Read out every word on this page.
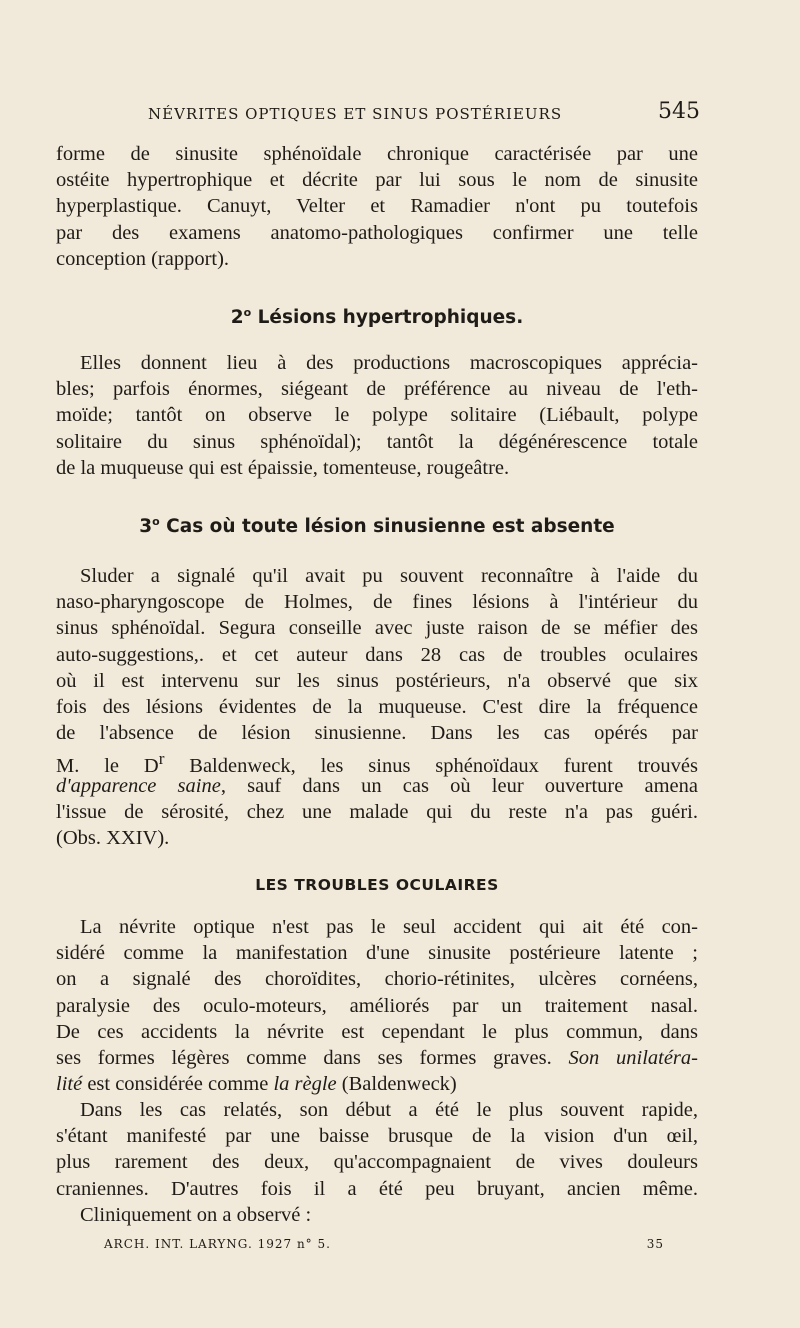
NÉVRITES OPTIQUES ET SINUS POSTÉRIEURS	545
forme de sinusite sphénoïdale chronique caractérisée par une
ostéite hypertrophique et décrite par lui sous le nom de sinusite
hyperplastique. Canuyt, Velter et Ramadier n'ont pu toutefois
par des examens anatomo-pathologiques confirmer une telle
conception (rapport).
2$^o$ Lésions hypertrophiques.
Elles donnent lieu à des productions macroscopiques apprécia-
bles; parfois énormes, siégeant de préférence au niveau de l'eth-
moïde; tantôt on observe le polype solitaire (Liébault, polype
solitaire du sinus sphénoïdal); tantôt la dégénérescence totale
de la muqueuse qui est épaissie, tomenteuse, rougeâtre.
3$^o$ Cas où toute lésion sinusienne est absente
Sluder a signalé qu'il avait pu souvent reconnaître à l'aide du
naso-pharyngoscope de Holmes, de fines lésions à l'intérieur du
sinus sphénoïdal. Segura conseille avec juste raison de se méfier des
auto-suggestions,. et cet auteur dans 28 cas de troubles oculaires
où il est intervenu sur les sinus postérieurs, n'a observé que six
fois des lésions évidentes de la muqueuse. C'est dire la fréquence
de l'absence de lésion sinusienne. Dans les cas opérés par
M. le $D^r$ Baldenweck, les sinus sphénoïdaux furent trouvés
d'apparence saine, sauf dans un cas où leur ouverture amena
l'issue de sérosité, chez une malade qui du reste n'a pas guéri.
(Obs. XXIV).
LES TROUBLES OCULAIRES
La névrite optique n'est pas le seul accident qui ait été con-
sidéré comme la manifestation d'une sinusite postérieure latente ;
on a signalé des choroïdites, chorio-rétinites, ulcères cornéens,
paralysie des oculo-moteurs, améliorés par un traitement nasal.
De ces accidents la névrite est cependant le plus commun, dans
ses formes légères comme dans ses formes graves. Son unilatéra-
lité est considérée comme la règle (Baldenweck)
Dans les cas relatés, son début a été le plus souvent rapide,
s'étant manifesté par une baisse brusque de la vision d'un œil,
plus rarement des deux, qu'accompagnaient de vives douleurs
craniennes. D'autres fois il a été peu bruyant, ancien même.
Cliniquement on a observé :
ARCH. INT. LARYNG. 1927 n° 5.	35
